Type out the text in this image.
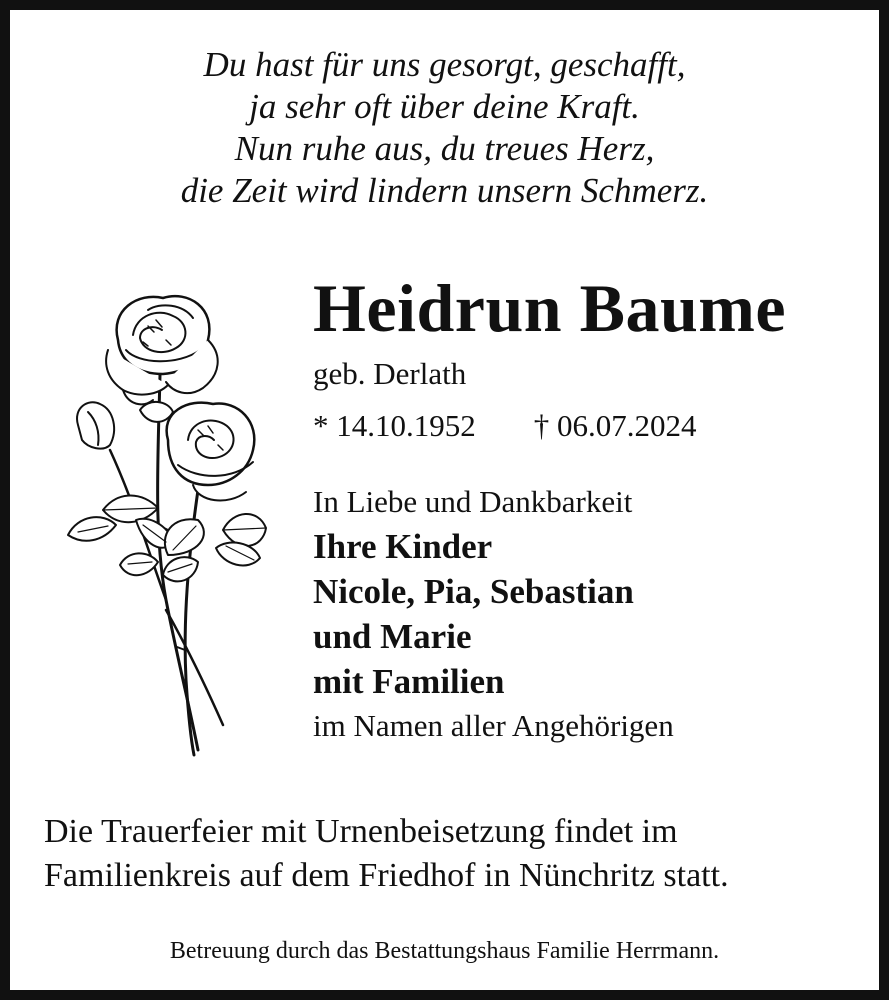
Du hast für uns gesorgt, geschafft,
ja sehr oft über deine Kraft.
Nun ruhe aus, du treues Herz,
die Zeit wird lindern unsern Schmerz.
Heidrun Baume
geb. Derlath
* 14.10.1952 † 06.07.2024
In Liebe und Dankbarkeit
Ihre Kinder
Nicole, Pia, Sebastian
und Marie
mit Familien
im Namen aller Angehörigen
Die Trauerfeier mit Urnenbeisetzung findet im
Familienkreis auf dem Friedhof in Nünchritz statt.
Betreuung durch das Bestattungshaus Familie Herrmann.
